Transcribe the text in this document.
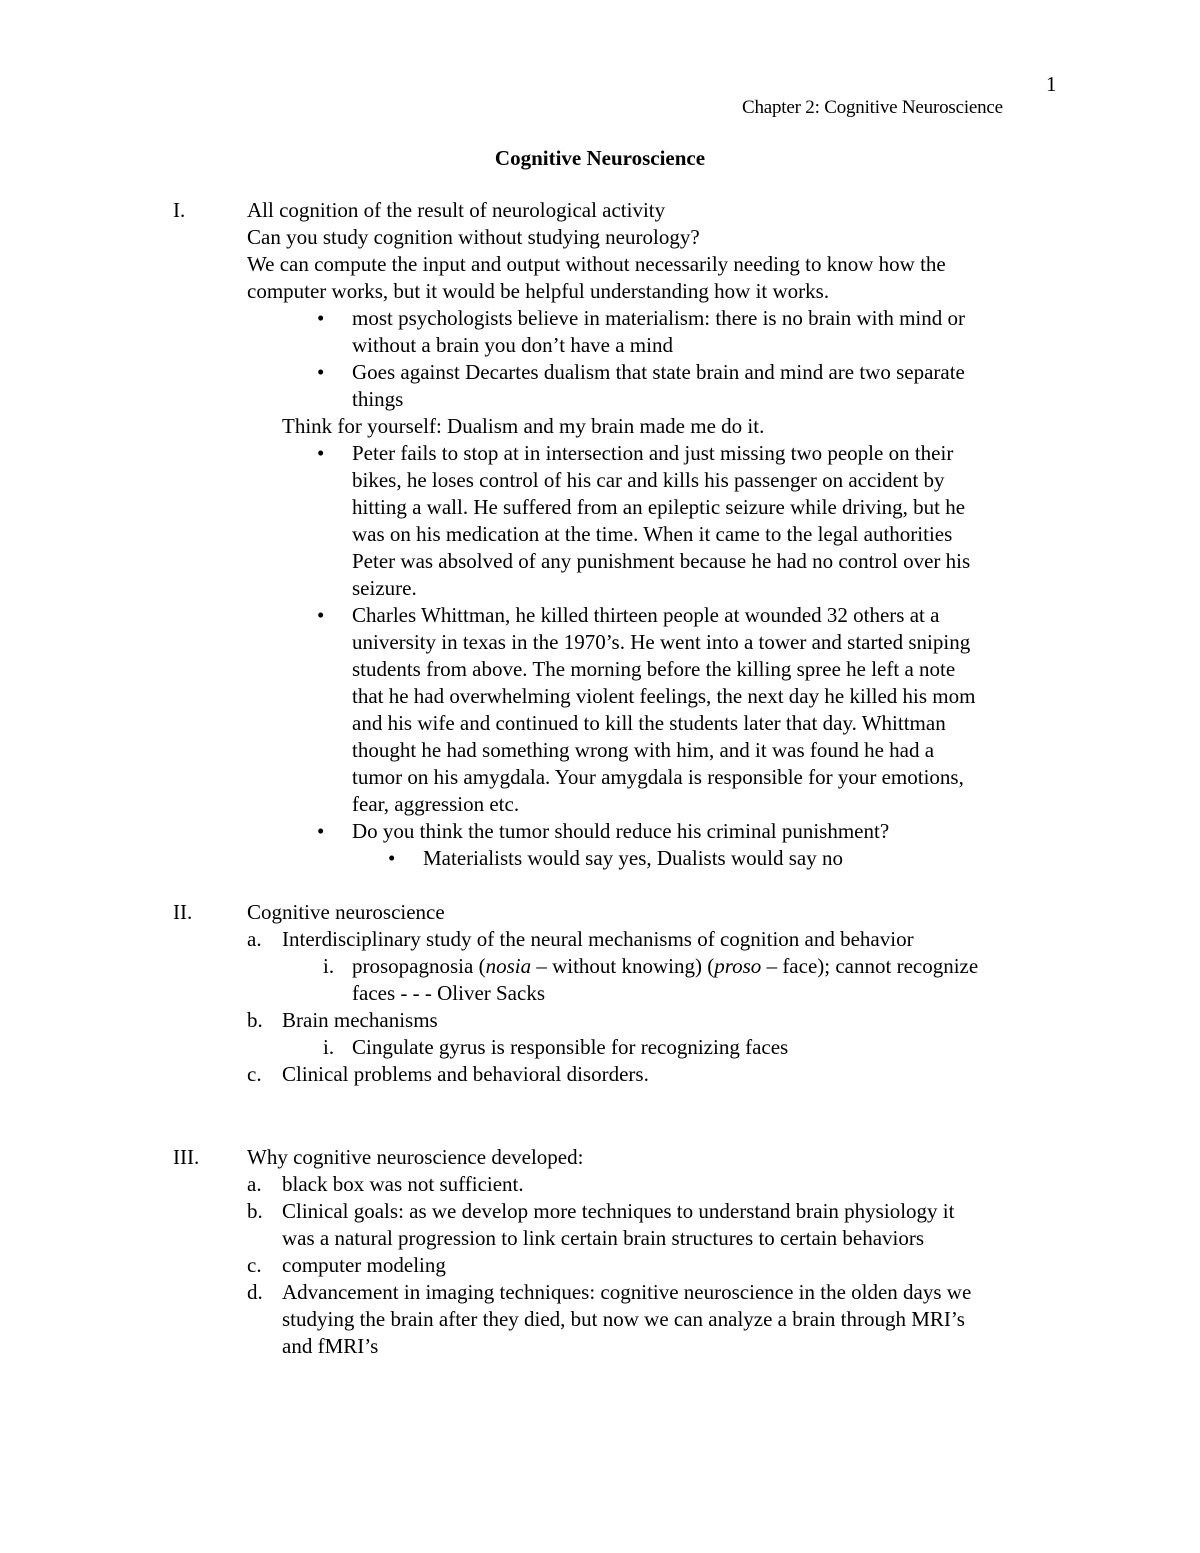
1
Chapter 2: Cognitive Neuroscience
Cognitive Neuroscience
I.	All cognition of the result of neurological activity
Can you study cognition without studying neurology?
We can compute the input and output without necessarily needing to know how the
computer works, but it would be helpful understanding how it works.
• most psychologists believe in materialism: there is no brain with mind or
without a brain you don’t have a mind
• Goes against Decartes dualism that state brain and mind are two separate
things
Think for yourself: Dualism and my brain made me do it.
• Peter fails to stop at in intersection and just missing two people on their
bikes, he loses control of his car and kills his passenger on accident by
hitting a wall. He suffered from an epileptic seizure while driving, but he
was on his medication at the time. When it came to the legal authorities
Peter was absolved of any punishment because he had no control over his
seizure.
• Charles Whittman, he killed thirteen people at wounded 32 others at a
university in texas in the 1970’s. He went into a tower and started sniping
students from above. The morning before the killing spree he left a note
that he had overwhelming violent feelings, the next day he killed his mom
and his wife and continued to kill the students later that day. Whittman
thought he had something wrong with him, and it was found he had a
tumor on his amygdala. Your amygdala is responsible for your emotions,
fear, aggression etc.
• Do you think the tumor should reduce his criminal punishment?
• Materialists would say yes, Dualists would say no
II.	Cognitive neuroscience
a. Interdisciplinary study of the neural mechanisms of cognition and behavior
i. prosopagnosia (nosia – without knowing) (proso – face); cannot recognize
faces - - - Oliver Sacks
b. Brain mechanisms
i. Cingulate gyrus is responsible for recognizing faces
c. Clinical problems and behavioral disorders.
III. Why cognitive neuroscience developed:
a. black box was not sufficient.
b. Clinical goals: as we develop more techniques to understand brain physiology it
was a natural progression to link certain brain structures to certain behaviors
c. computer modeling
d. Advancement in imaging techniques: cognitive neuroscience in the olden days we
studying the brain after they died, but now we can analyze a brain through MRI’s
and fMRI’s
